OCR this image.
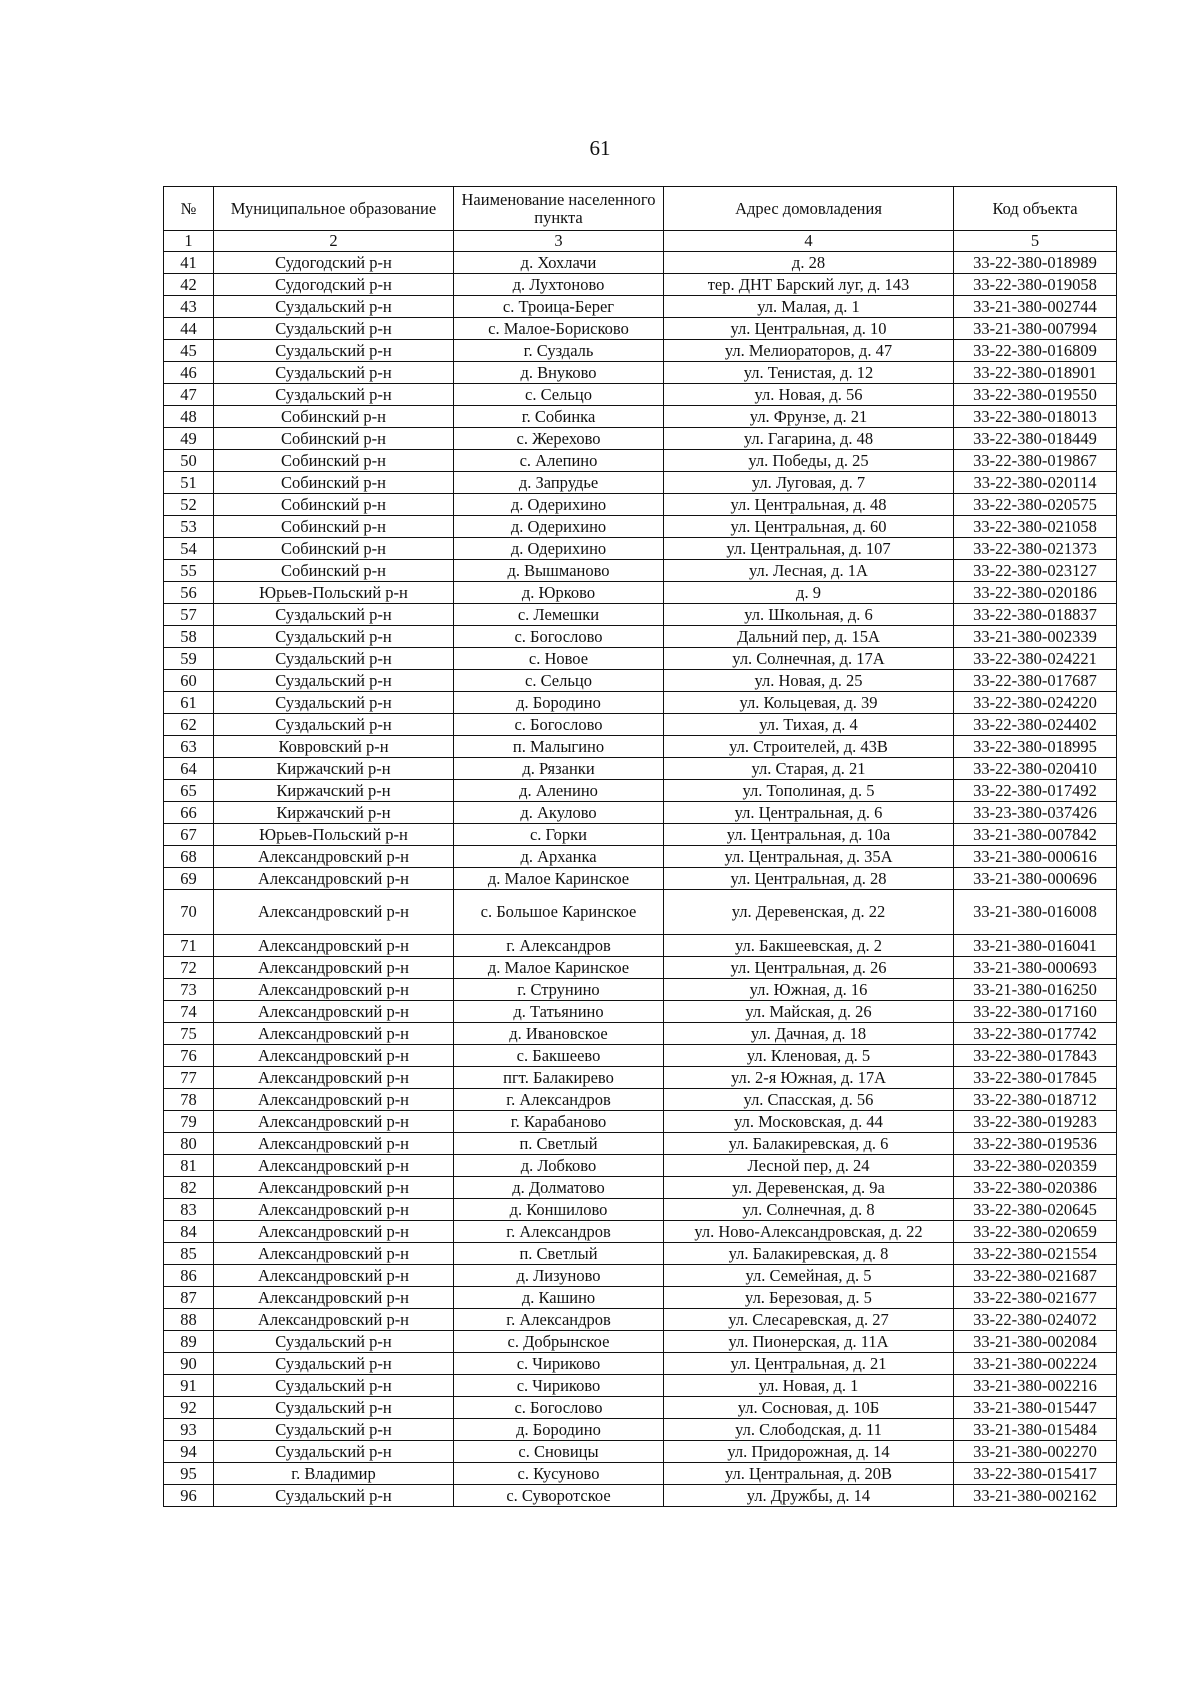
61
№	Муниципальное образование	Наименование населенного пункта	Адрес домовладения	Код объекта
1	2	3	4	5
41	Судогодский р-н	д. Хохлачи	д. 28	33-22-380-018989
42	Судогодский р-н	д. Лухтоново	тер. ДНТ Барский луг, д. 143	33-22-380-019058
43	Суздальский р-н	с. Троица-Берег	ул. Малая, д. 1	33-21-380-002744
44	Суздальский р-н	с. Малое-Борисково	ул. Центральная, д. 10	33-21-380-007994
45	Суздальский р-н	г. Суздаль	ул. Мелиораторов, д. 47	33-22-380-016809
46	Суздальский р-н	д. Внуково	ул. Тенистая, д. 12	33-22-380-018901
47	Суздальский р-н	с. Сельцо	ул. Новая, д. 56	33-22-380-019550
48	Собинский р-н	г. Собинка	ул. Фрунзе, д. 21	33-22-380-018013
49	Собинский р-н	с. Жерехово	ул. Гагарина, д. 48	33-22-380-018449
50	Собинский р-н	с. Алепино	ул. Победы, д. 25	33-22-380-019867
51	Собинский р-н	д. Запрудье	ул. Луговая, д. 7	33-22-380-020114
52	Собинский р-н	д. Одерихино	ул. Центральная, д. 48	33-22-380-020575
53	Собинский р-н	д. Одерихино	ул. Центральная, д. 60	33-22-380-021058
54	Собинский р-н	д. Одерихино	ул. Центральная, д. 107	33-22-380-021373
55	Собинский р-н	д. Вышманово	ул. Лесная, д. 1А	33-22-380-023127
56	Юрьев-Польский р-н	д. Юрково	д. 9	33-22-380-020186
57	Суздальский р-н	с. Лемешки	ул. Школьная, д. 6	33-22-380-018837
58	Суздальский р-н	с. Богослово	Дальний пер, д. 15А	33-21-380-002339
59	Суздальский р-н	с. Новое	ул. Солнечная, д. 17А	33-22-380-024221
60	Суздальский р-н	с. Сельцо	ул. Новая, д. 25	33-22-380-017687
61	Суздальский р-н	д. Бородино	ул. Кольцевая, д. 39	33-22-380-024220
62	Суздальский р-н	с. Богослово	ул. Тихая, д. 4	33-22-380-024402
63	Ковровский р-н	п. Малыгино	ул. Строителей, д. 43В	33-22-380-018995
64	Киржачский р-н	д. Рязанки	ул. Старая, д. 21	33-22-380-020410
65	Киржачский р-н	д. Аленино	ул. Тополиная, д. 5	33-22-380-017492
66	Киржачский р-н	д. Акулово	ул. Центральная, д. 6	33-23-380-037426
67	Юрьев-Польский р-н	с. Горки	ул. Центральная, д. 10а	33-21-380-007842
68	Александровский р-н	д. Арханка	ул. Центральная, д. 35А	33-21-380-000616
69	Александровский р-н	д. Малое Каринское	ул. Центральная, д. 28	33-21-380-000696
70	Александровский р-н	с. Большое Каринское	ул. Деревенская, д. 22	33-21-380-016008
71	Александровский р-н	г. Александров	ул. Бакшеевская, д. 2	33-21-380-016041
72	Александровский р-н	д. Малое Каринское	ул. Центральная, д. 26	33-21-380-000693
73	Александровский р-н	г. Струнино	ул. Южная, д. 16	33-21-380-016250
74	Александровский р-н	д. Татьянино	ул. Майская, д. 26	33-22-380-017160
75	Александровский р-н	д. Ивановское	ул. Дачная, д. 18	33-22-380-017742
76	Александровский р-н	с. Бакшеево	ул. Кленовая, д. 5	33-22-380-017843
77	Александровский р-н	пгт. Балакирево	ул. 2-я Южная, д. 17А	33-22-380-017845
78	Александровский р-н	г. Александров	ул. Спасская, д. 56	33-22-380-018712
79	Александровский р-н	г. Карабаново	ул. Московская, д. 44	33-22-380-019283
80	Александровский р-н	п. Светлый	ул. Балакиревская, д. 6	33-22-380-019536
81	Александровский р-н	д. Лобково	Лесной пер, д. 24	33-22-380-020359
82	Александровский р-н	д. Долматово	ул. Деревенская, д. 9а	33-22-380-020386
83	Александровский р-н	д. Коншилово	ул. Солнечная, д. 8	33-22-380-020645
84	Александровский р-н	г. Александров	ул. Ново-Александровская, д. 22	33-22-380-020659
85	Александровский р-н	п. Светлый	ул. Балакиревская, д. 8	33-22-380-021554
86	Александровский р-н	д. Лизуново	ул. Семейная, д. 5	33-22-380-021687
87	Александровский р-н	д. Кашино	ул. Березовая, д. 5	33-22-380-021677
88	Александровский р-н	г. Александров	ул. Слесаревская, д. 27	33-22-380-024072
89	Суздальский р-н	с. Добрынское	ул. Пионерская, д. 11А	33-21-380-002084
90	Суздальский р-н	с. Чириково	ул. Центральная, д. 21	33-21-380-002224
91	Суздальский р-н	с. Чириково	ул. Новая, д. 1	33-21-380-002216
92	Суздальский р-н	с. Богослово	ул. Сосновая, д. 10Б	33-21-380-015447
93	Суздальский р-н	д. Бородино	ул. Слободская, д. 11	33-21-380-015484
94	Суздальский р-н	с. Сновицы	ул. Придорожная, д. 14	33-21-380-002270
95	г. Владимир	с. Кусуново	ул. Центральная, д. 20В	33-22-380-015417
96	Суздальский р-н	с. Суворотское	ул. Дружбы, д. 14	33-21-380-002162
